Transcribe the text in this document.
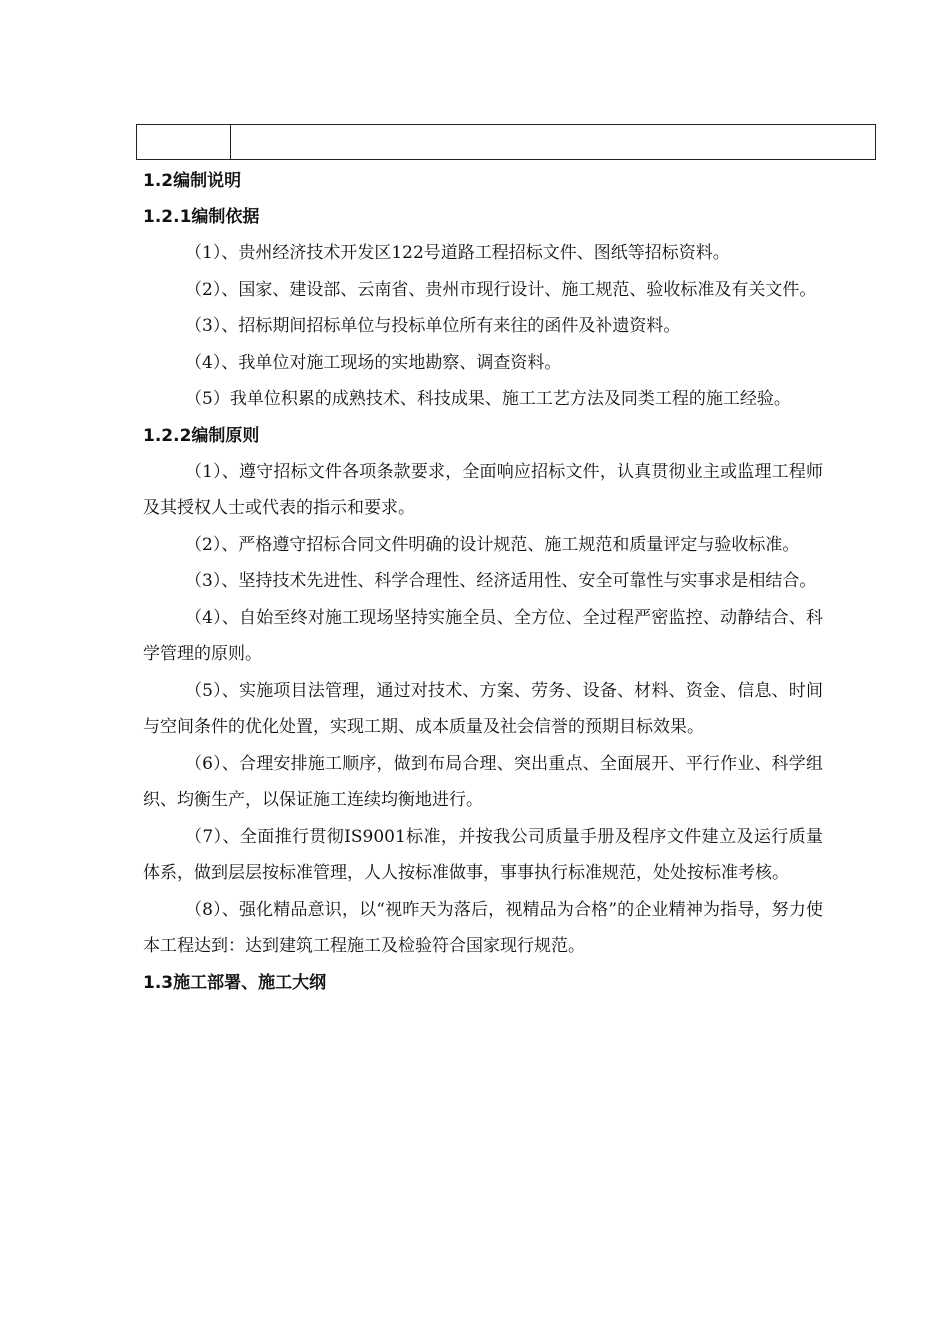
1.2编制说明
1.2.1编制依据

（1）、贵州经济技术开发区122号道路工程招标文件、图纸等招标资料。

（2）、国家、建设部、云南省、贵州市现行设计、施工规范、验收标准及有关文件。

（3）、招标期间招标单位与投标单位所有来往的函件及补遗资料。

（4）、我单位对施工现场的实地勘察、调查资料。

（5）我单位积累的成熟技术、科技成果、施工工艺方法及同类工程的施工经验。

1.2.2编制原则

（1）、遵守招标文件各项条款要求，全面响应招标文件，认真贯彻业主或监理工程师及其授权人士或代表的指示和要求。

（2）、严格遵守招标合同文件明确的设计规范、施工规范和质量评定与验收标准。

（3）、坚持技术先进性、科学合理性、经济适用性、安全可靠性与实事求是相结合。

（4）、自始至终对施工现场坚持实施全员、全方位、全过程严密监控、动静结合、科学管理的原则。

（5）、实施项目法管理，通过对技术、方案、劳务、设备、材料、资金、信息、时间与空间条件的优化处置，实现工期、成本质量及社会信誉的预期目标效果。

（6）、合理安排施工顺序，做到布局合理、突出重点、全面展开、平行作业、科学组织、均衡生产，以保证施工连续均衡地进行。

（7）、全面推行贯彻IS9001标准，并按我公司质量手册及程序文件建立及运行质量体系，做到层层按标准管理，人人按标准做事，事事执行标准规范，处处按标准考核。

（8）、强化精品意识，以“视昨天为落后，视精品为合格”的企业精神为指导，努力使本工程达到：达到建筑工程施工及检验符合国家现行规范。

1.3施工部署、施工大纲
